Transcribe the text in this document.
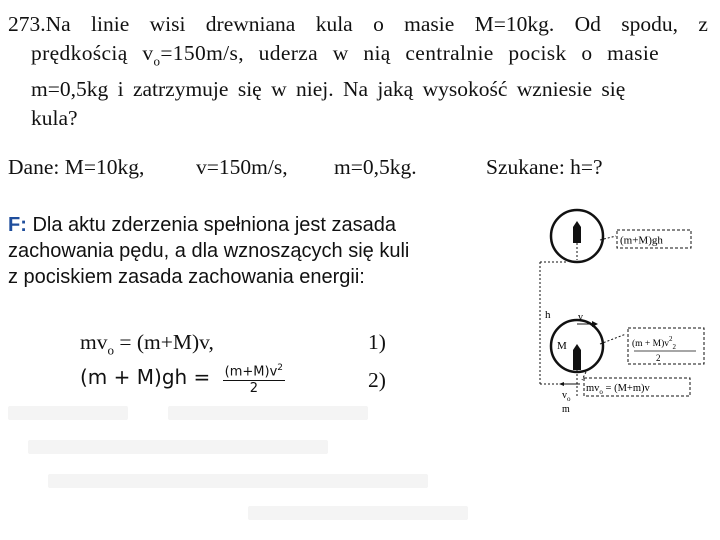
273.Na linie wisi drewniana kula o masie M=10kg. Od spodu, z
prędkością $v_o=150m/s$, uderza w nią centralnie pocisk o masie
m=0,5kg i zatrzymuje się w niej. Na jaką wysokość wzniesie się
kula?
Dane: M=10kg, v=150m/s, m=0,5kg.	Szukane: h=?
F: Dla aktu zderzenia spełniona jest zasada
zachowania pędu, a dla wznoszących się kuli
z pociskiem zasada zachowania energii:
$mv_o = (m+M)v$,	1)
$(m + M)gh = \frac{(m+M)v^2}{2}$	2)
(m+M)gh
h
M
v
$(m + M)v^2_2$
2
$mv_o = (M+m)v$
$v_o$
m
